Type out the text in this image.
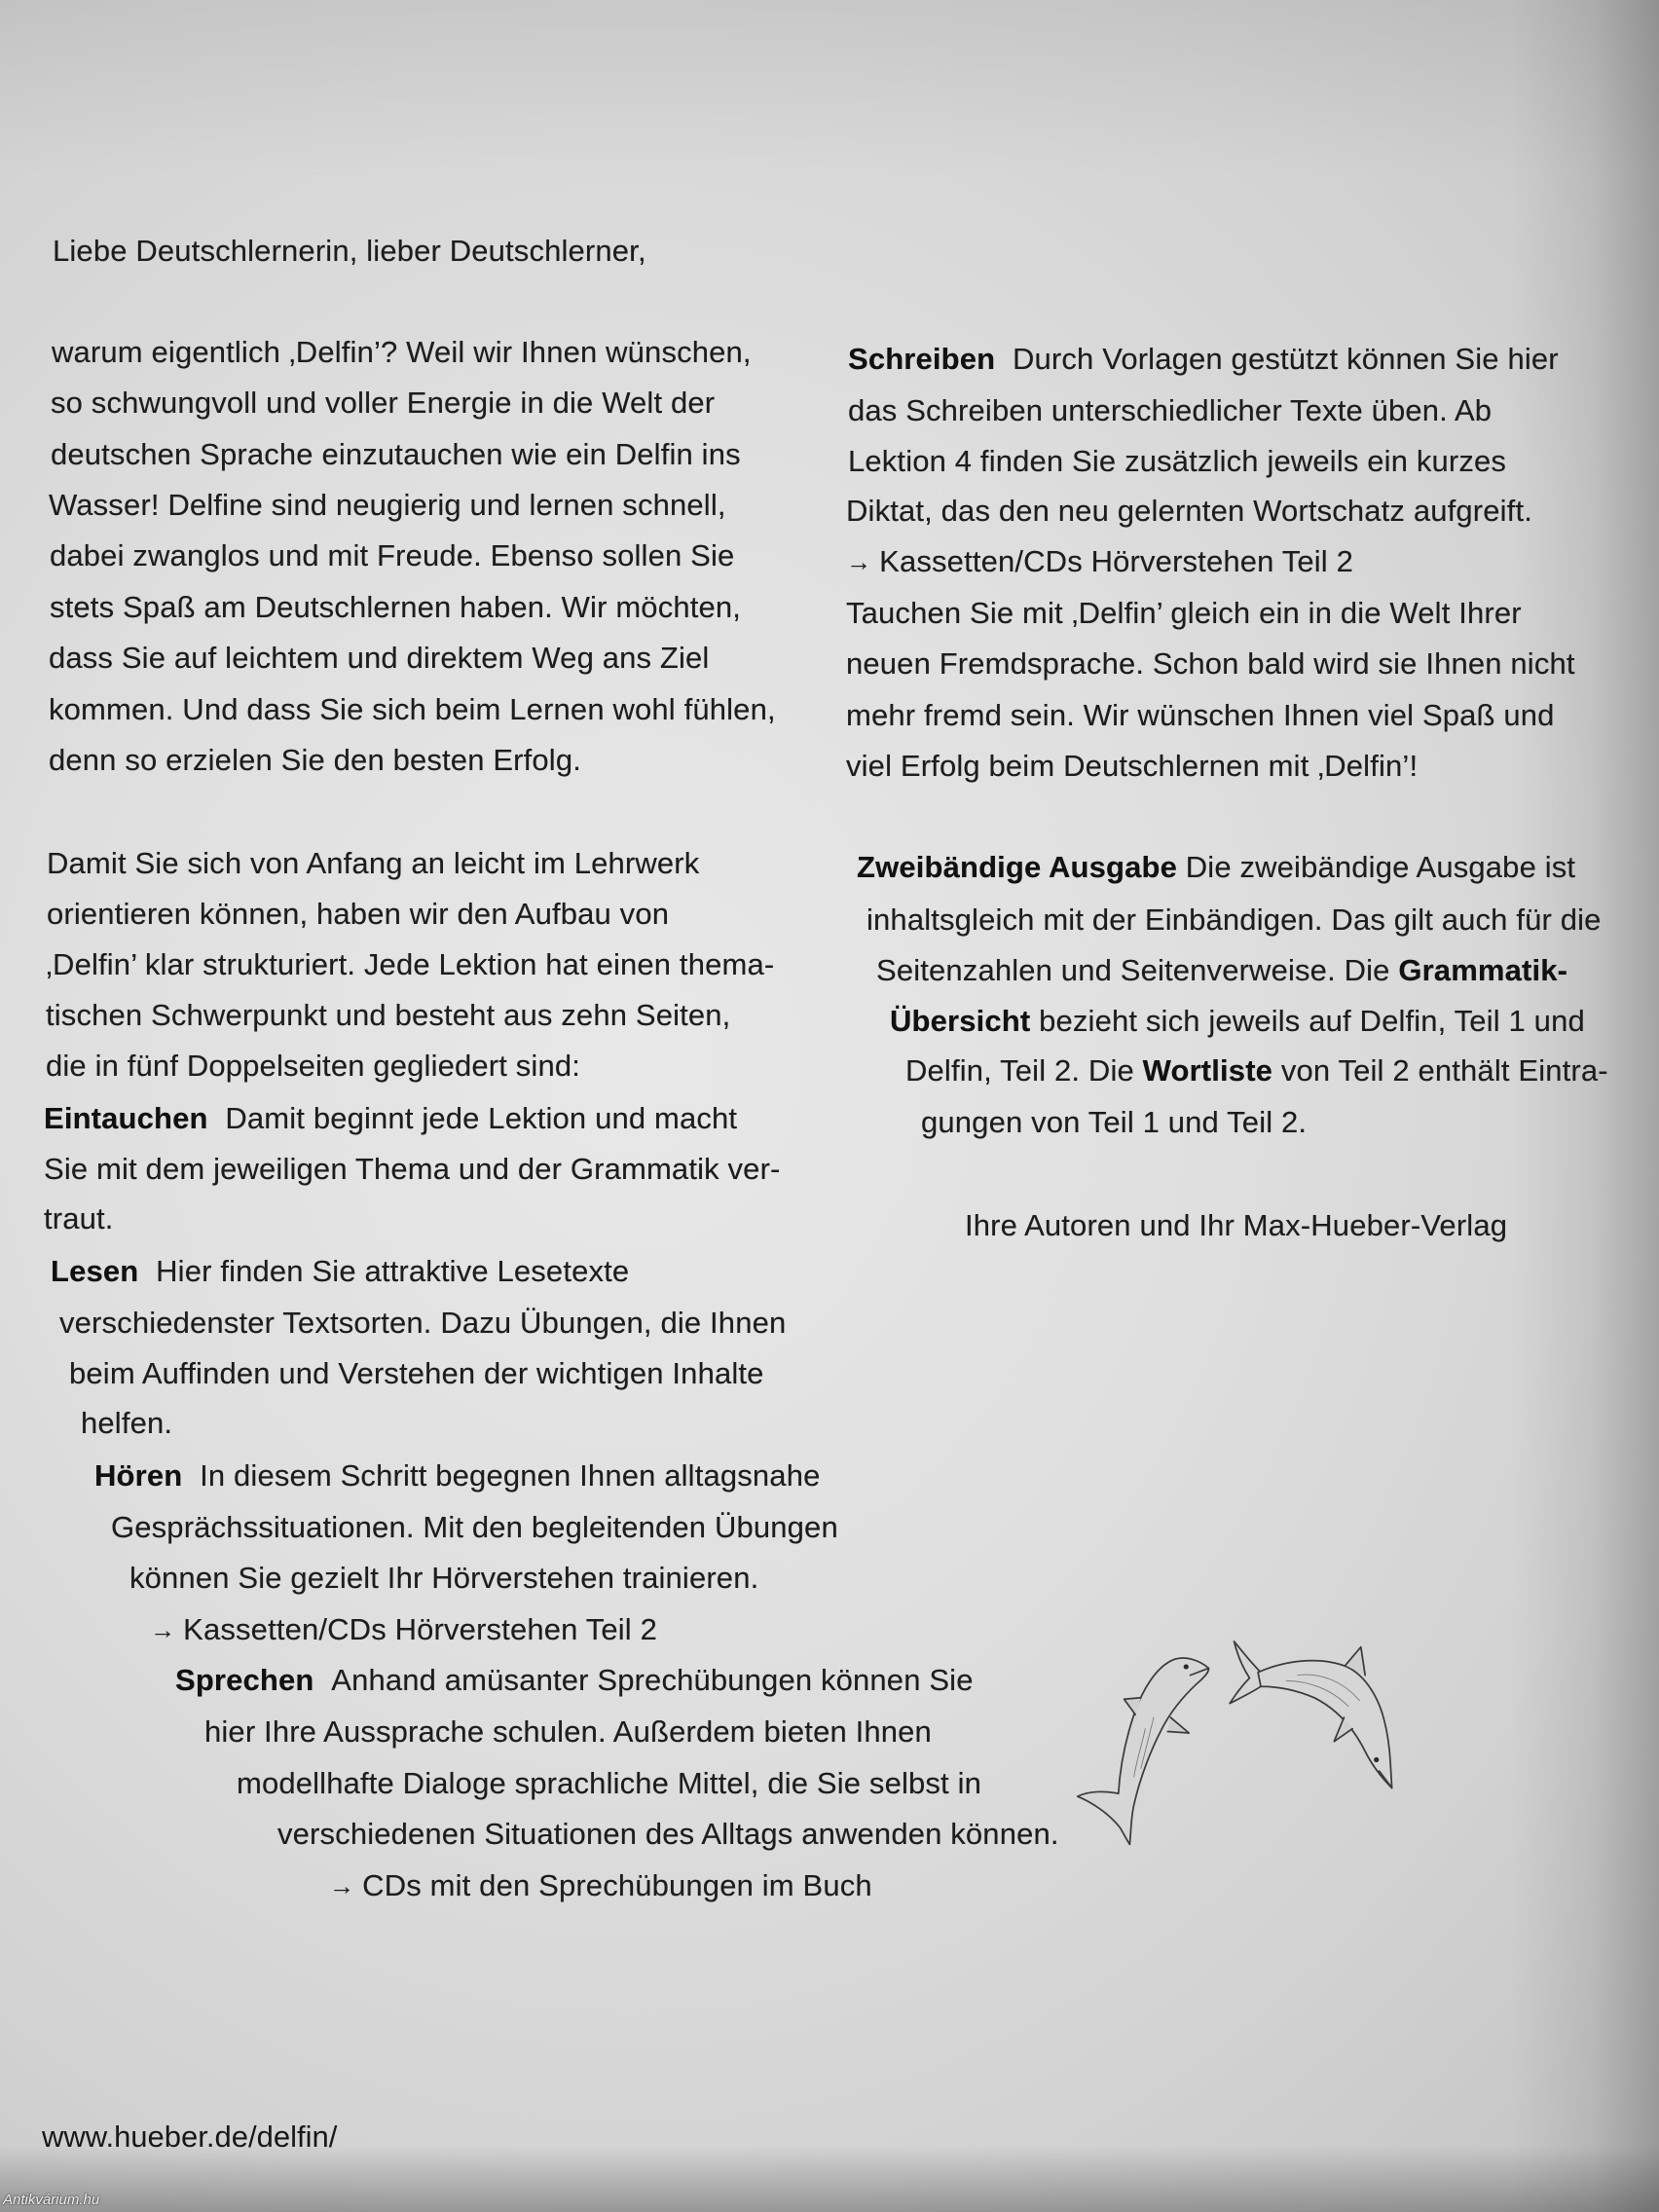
Liebe Deutschlernerin, lieber Deutschlerner,
warum eigentlich ‚Delfin’? Weil wir Ihnen wünschen,
so schwungvoll und voller Energie in die Welt der
deutschen Sprache einzutauchen wie ein Delfin ins
Wasser! Delfine sind neugierig und lernen schnell,
dabei zwanglos und mit Freude. Ebenso sollen Sie
stets Spaß am Deutschlernen haben. Wir möchten,
dass Sie auf leichtem und direktem Weg ans Ziel
kommen. Und dass Sie sich beim Lernen wohl fühlen,
denn so erzielen Sie den besten Erfolg.
Damit Sie sich von Anfang an leicht im Lehrwerk
orientieren können, haben wir den Aufbau von
‚Delfin’ klar strukturiert. Jede Lektion hat einen thema-
tischen Schwerpunkt und besteht aus zehn Seiten,
die in fünf Doppelseiten gegliedert sind:
Eintauchen Damit beginnt jede Lektion und macht
Sie mit dem jeweiligen Thema und der Grammatik ver-
traut.
Lesen Hier finden Sie attraktive Lesetexte
verschiedenster Textsorten. Dazu Übungen, die Ihnen
beim Auffinden und Verstehen der wichtigen Inhalte
helfen.
Hören In diesem Schritt begegnen Ihnen alltagsnahe
Gesprächssituationen. Mit den begleitenden Übungen
können Sie gezielt Ihr Hörverstehen trainieren.
→ Kassetten/CDs Hörverstehen Teil 2
Sprechen Anhand amüsanter Sprechübungen können Sie
hier Ihre Aussprache schulen. Außerdem bieten Ihnen
modellhafte Dialoge sprachliche Mittel, die Sie selbst in
verschiedenen Situationen des Alltags anwenden können.
→ CDs mit den Sprechübungen im Buch
Schreiben Durch Vorlagen gestützt können Sie hier
das Schreiben unterschiedlicher Texte üben. Ab
Lektion 4 finden Sie zusätzlich jeweils ein kurzes
Diktat, das den neu gelernten Wortschatz aufgreift.
→ Kassetten/CDs Hörverstehen Teil 2
Tauchen Sie mit ‚Delfin’ gleich ein in die Welt Ihrer
neuen Fremdsprache. Schon bald wird sie Ihnen nicht
mehr fremd sein. Wir wünschen Ihnen viel Spaß und
viel Erfolg beim Deutschlernen mit ‚Delfin’!
Zweibändige Ausgabe Die zweibändige Ausgabe ist
inhaltsgleich mit der Einbändigen. Das gilt auch für die
Seitenzahlen und Seitenverweise. Die Grammatik-
Übersicht bezieht sich jeweils auf Delfin, Teil 1 und
Delfin, Teil 2. Die Wortliste von Teil 2 enthält Eintra-
gungen von Teil 1 und Teil 2.
Ihre Autoren und Ihr Max-Hueber-Verlag
www.hueber.de/delfin/
Antikvárium.hu
